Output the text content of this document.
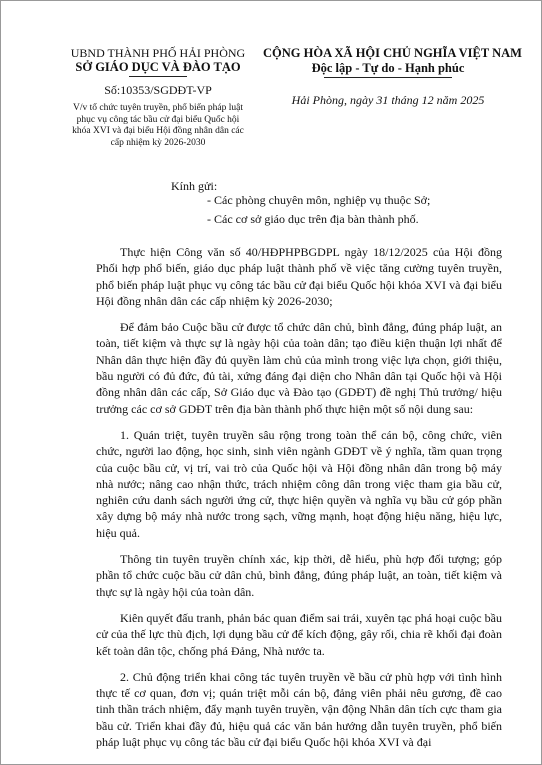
UBND THÀNH PHỐ HẢI PHÒNG
SỞ GIÁO DỤC VÀ ĐÀO TẠO
Số:10353/SGDĐT-VP
V/v tổ chức tuyên truyền, phổ biến pháp luật phục vụ công tác bầu cử đại biểu Quốc hội khóa XVI và đại biểu Hội đồng nhân dân các cấp nhiệm kỳ 2026-2030
CỘNG HÒA XÃ HỘI CHỦ NGHĨA VIỆT NAM
Độc lập - Tự do - Hạnh phúc
Hải Phòng, ngày 31 tháng 12 năm 2025
Kính gửi:
- Các phòng chuyên môn, nghiệp vụ thuộc Sở;
- Các cơ sở giáo dục trên địa bàn thành phố.

Thực hiện Công văn số 40/HĐPHPBGDPL ngày 18/12/2025 của Hội đồng Phối hợp phổ biến, giáo dục pháp luật thành phố về việc tăng cường tuyên truyền, phổ biến pháp luật phục vụ công tác bầu cử đại biểu Quốc hội khóa XVI và đại biểu Hội đồng nhân dân các cấp nhiệm kỳ 2026-2030;

Để đảm bảo Cuộc bầu cử được tổ chức dân chủ, bình đẳng, đúng pháp luật, an toàn, tiết kiệm và thực sự là ngày hội của toàn dân; tạo điều kiện thuận lợi nhất để Nhân dân thực hiện đầy đủ quyền làm chủ của mình trong việc lựa chọn, giới thiệu, bầu người có đủ đức, đủ tài, xứng đáng đại diện cho Nhân dân tại Quốc hội và Hội đồng nhân dân các cấp, Sở Giáo dục và Đào tạo (GDĐT) đề nghị Thủ trưởng/ hiệu trưởng các cơ sở GDĐT trên địa bàn thành phố thực hiện một số nội dung sau:

1. Quán triệt, tuyên truyền sâu rộng trong toàn thể cán bộ, công chức, viên chức, người lao động, học sinh, sinh viên ngành GDĐT về ý nghĩa, tầm quan trọng của cuộc bầu cử, vị trí, vai trò của Quốc hội và Hội đồng nhân dân trong bộ máy nhà nước; nâng cao nhận thức, trách nhiệm công dân trong việc tham gia bầu cử, nghiên cứu danh sách người ứng cử, thực hiện quyền và nghĩa vụ bầu cử góp phần xây dựng bộ máy nhà nước trong sạch, vững mạnh, hoạt động hiệu năng, hiệu lực, hiệu quả.

Thông tin tuyên truyền chính xác, kịp thời, dễ hiểu, phù hợp đối tượng; góp phần tổ chức cuộc bầu cử dân chủ, bình đẳng, đúng pháp luật, an toàn, tiết kiệm và thực sự là ngày hội của toàn dân.

Kiên quyết đấu tranh, phản bác quan điểm sai trái, xuyên tạc phá hoại cuộc bầu cử của thế lực thù địch, lợi dụng bầu cử để kích động, gây rối, chia rẽ khối đại đoàn kết toàn dân tộc, chống phá Đảng, Nhà nước ta.

2. Chủ động triển khai công tác tuyên truyền về bầu cử phù hợp với tình hình thực tế cơ quan, đơn vị; quán triệt mỗi cán bộ, đảng viên phải nêu gương, đề cao tinh thần trách nhiệm, đẩy mạnh tuyên truyền, vận động Nhân dân tích cực tham gia bầu cử. Triển khai đầy đủ, hiệu quả các văn bản hướng dẫn tuyên truyền, phổ biến pháp luật phục vụ công tác bầu cử đại biểu Quốc hội khóa XVI và đại
